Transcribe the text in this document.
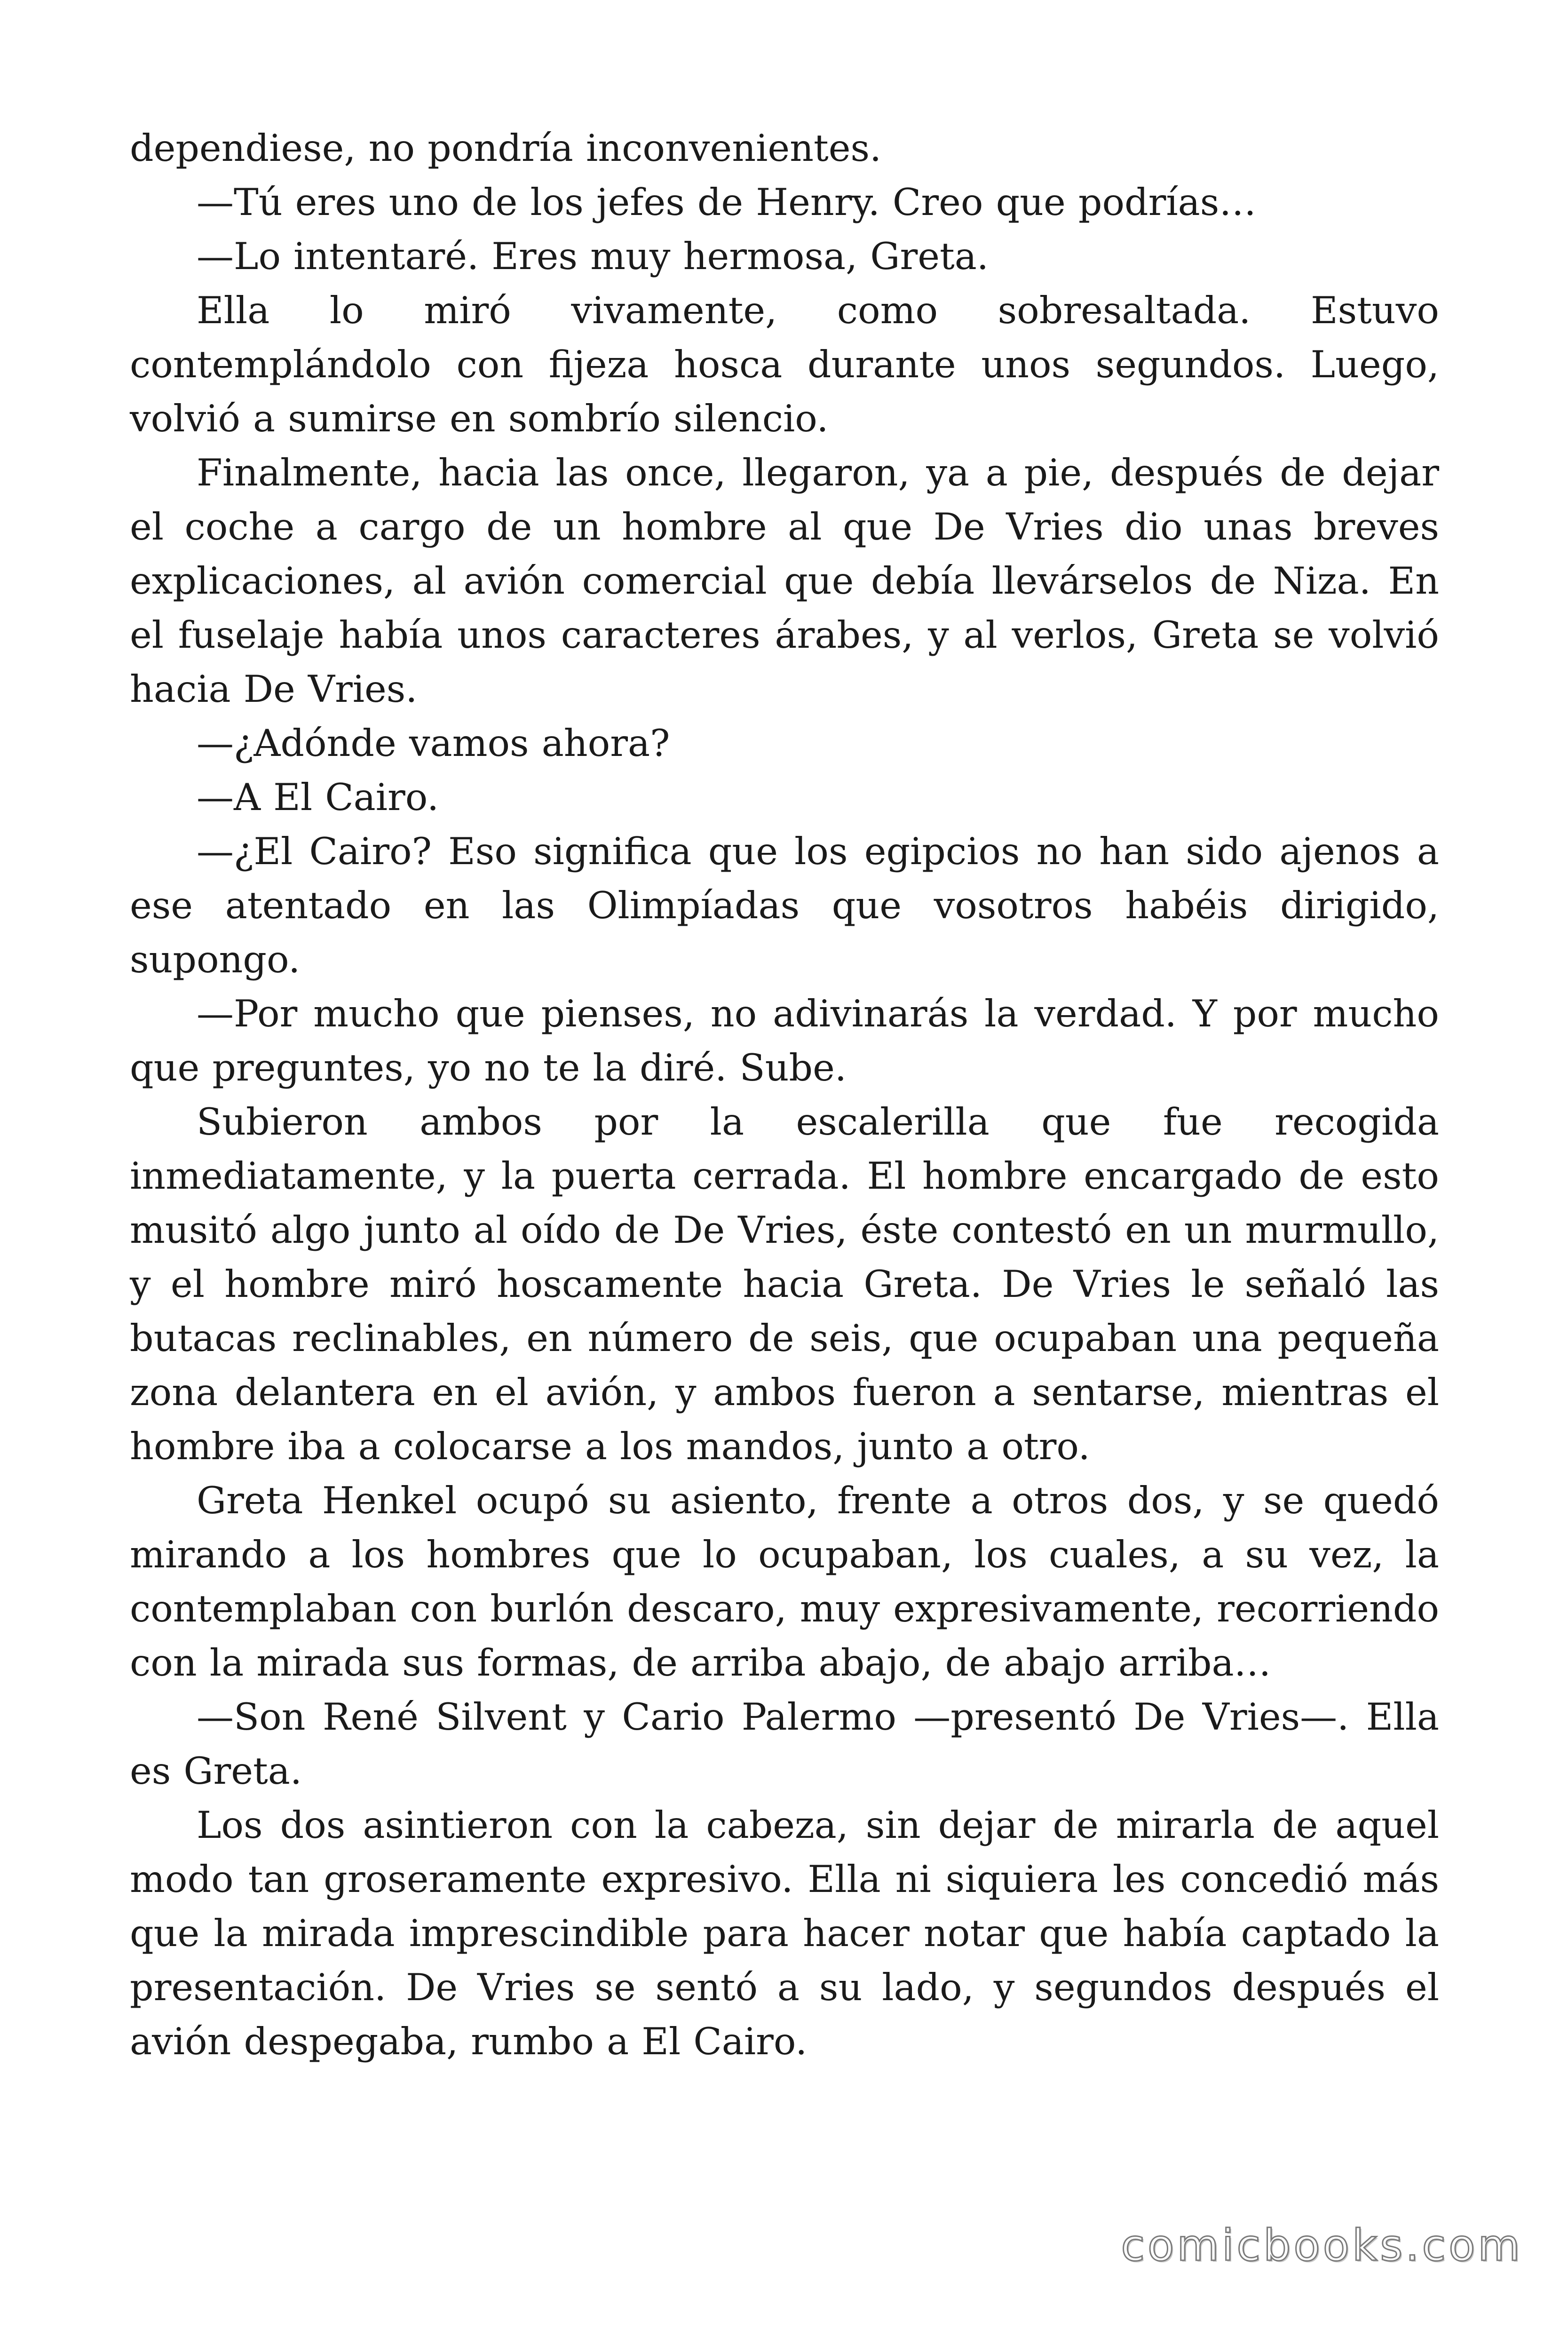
dependiese, no pondría inconvenientes.

—Tú eres uno de los jefes de Henry. Creo que podrías…

—Lo intentaré. Eres muy hermosa, Greta.

Ella lo miró vivamente, como sobresaltada. Estuvo contemplándolo con fijeza hosca durante unos segundos. Luego, volvió a sumirse en sombrío silencio.

Finalmente, hacia las once, llegaron, ya a pie, después de dejar el coche a cargo de un hombre al que De Vries dio unas breves explicaciones, al avión comercial que debía llevárselos de Niza. En el fuselaje había unos caracteres árabes, y al verlos, Greta se volvió hacia De Vries.

—¿Adónde vamos ahora?

—A El Cairo.

—¿El Cairo? Eso significa que los egipcios no han sido ajenos a ese atentado en las Olimpíadas que vosotros habéis dirigido, supongo.

—Por mucho que pienses, no adivinarás la verdad. Y por mucho que preguntes, yo no te la diré. Sube.

Subieron ambos por la escalerilla que fue recogida inmediatamente, y la puerta cerrada. El hombre encargado de esto musitó algo junto al oído de De Vries, éste contestó en un murmullo, y el hombre miró hoscamente hacia Greta. De Vries le señaló las butacas reclinables, en número de seis, que ocupaban una pequeña zona delantera en el avión, y ambos fueron a sentarse, mientras el hombre iba a colocarse a los mandos, junto a otro.

Greta Henkel ocupó su asiento, frente a otros dos, y se quedó mirando a los hombres que lo ocupaban, los cuales, a su vez, la contemplaban con burlón descaro, muy expresivamente, recorriendo con la mirada sus formas, de arriba abajo, de abajo arriba…

—Son René Silvent y Cario Palermo —presentó De Vries—. Ella es Greta.

Los dos asintieron con la cabeza, sin dejar de mirarla de aquel modo tan groseramente expresivo. Ella ni siquiera les concedió más que la mirada imprescindible para hacer notar que había captado la presentación. De Vries se sentó a su lado, y segundos después el avión despegaba, rumbo a El Cairo.

comicbooks.com
